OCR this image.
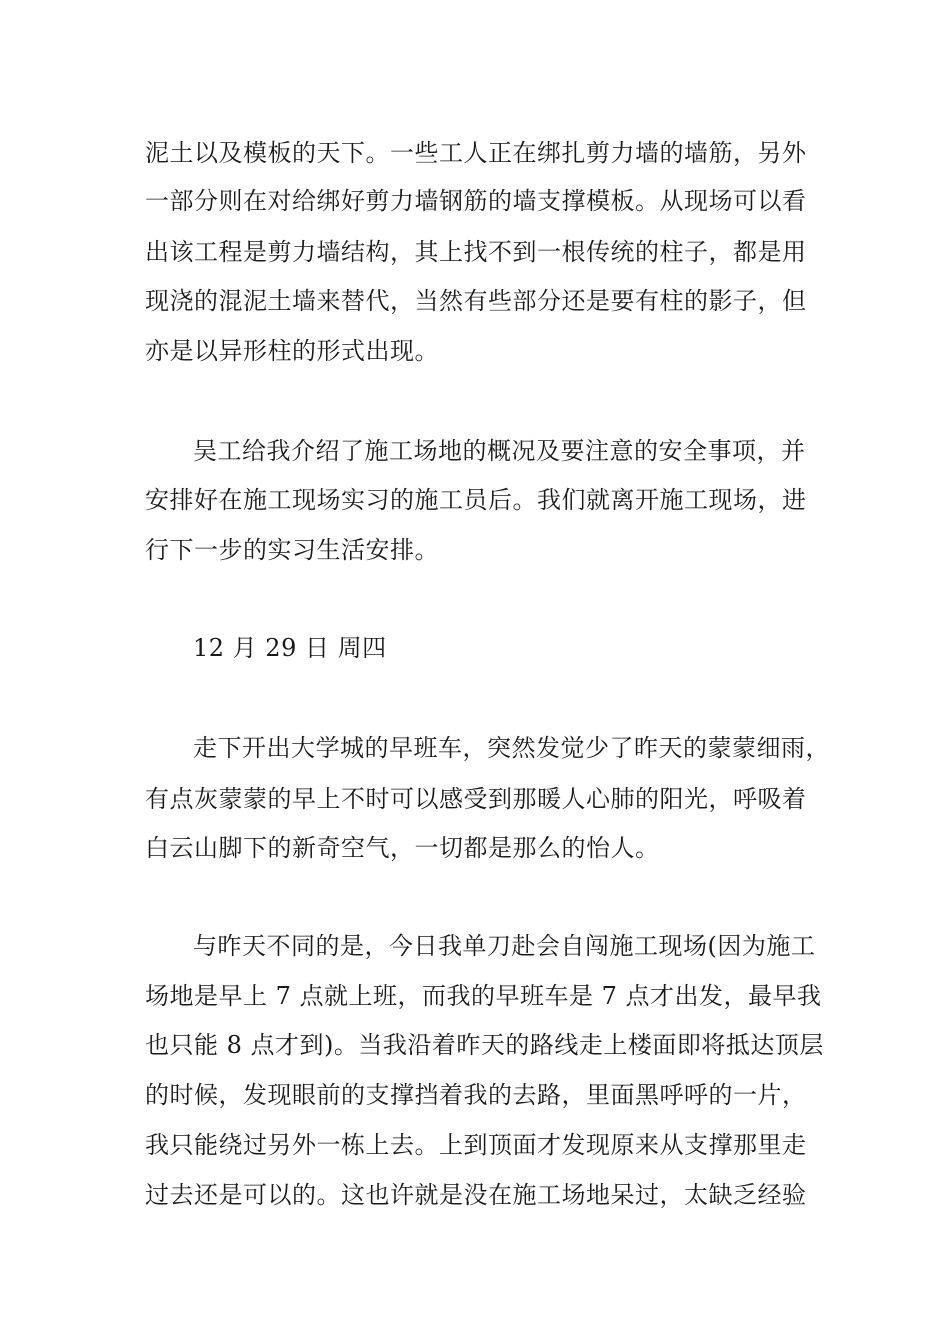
泥土以及模板的天下。一些工人正在绑扎剪力墙的墙筋，另外
一部分则在对给绑好剪力墙钢筋的墙支撑模板。从现场可以看
出该工程是剪力墙结构，其上找不到一根传统的柱子，都是用
现浇的混泥土墙来替代，当然有些部分还是要有柱的影子，但
亦是以异形柱的形式出现。
吴工给我介绍了施工场地的概况及要注意的安全事项，并
安排好在施工现场实习的施工员后。我们就离开施工现场，进
行下一步的实习生活安排。
12 月 29 日 周四
走下开出大学城的早班车，突然发觉少了昨天的蒙蒙细雨，
有点灰蒙蒙的早上不时可以感受到那暖人心肺的阳光，呼吸着
白云山脚下的新奇空气，一切都是那么的怡人。
与昨天不同的是，今日我单刀赴会自闯施工现场(因为施工
场地是早上 7 点就上班，而我的早班车是 7 点才出发，最早我
也只能 8 点才到)。当我沿着昨天的路线走上楼面即将抵达顶层
的时候，发现眼前的支撑挡着我的去路，里面黑呼呼的一片，
我只能绕过另外一栋上去。上到顶面才发现原来从支撑那里走
过去还是可以的。这也许就是没在施工场地呆过，太缺乏经验
